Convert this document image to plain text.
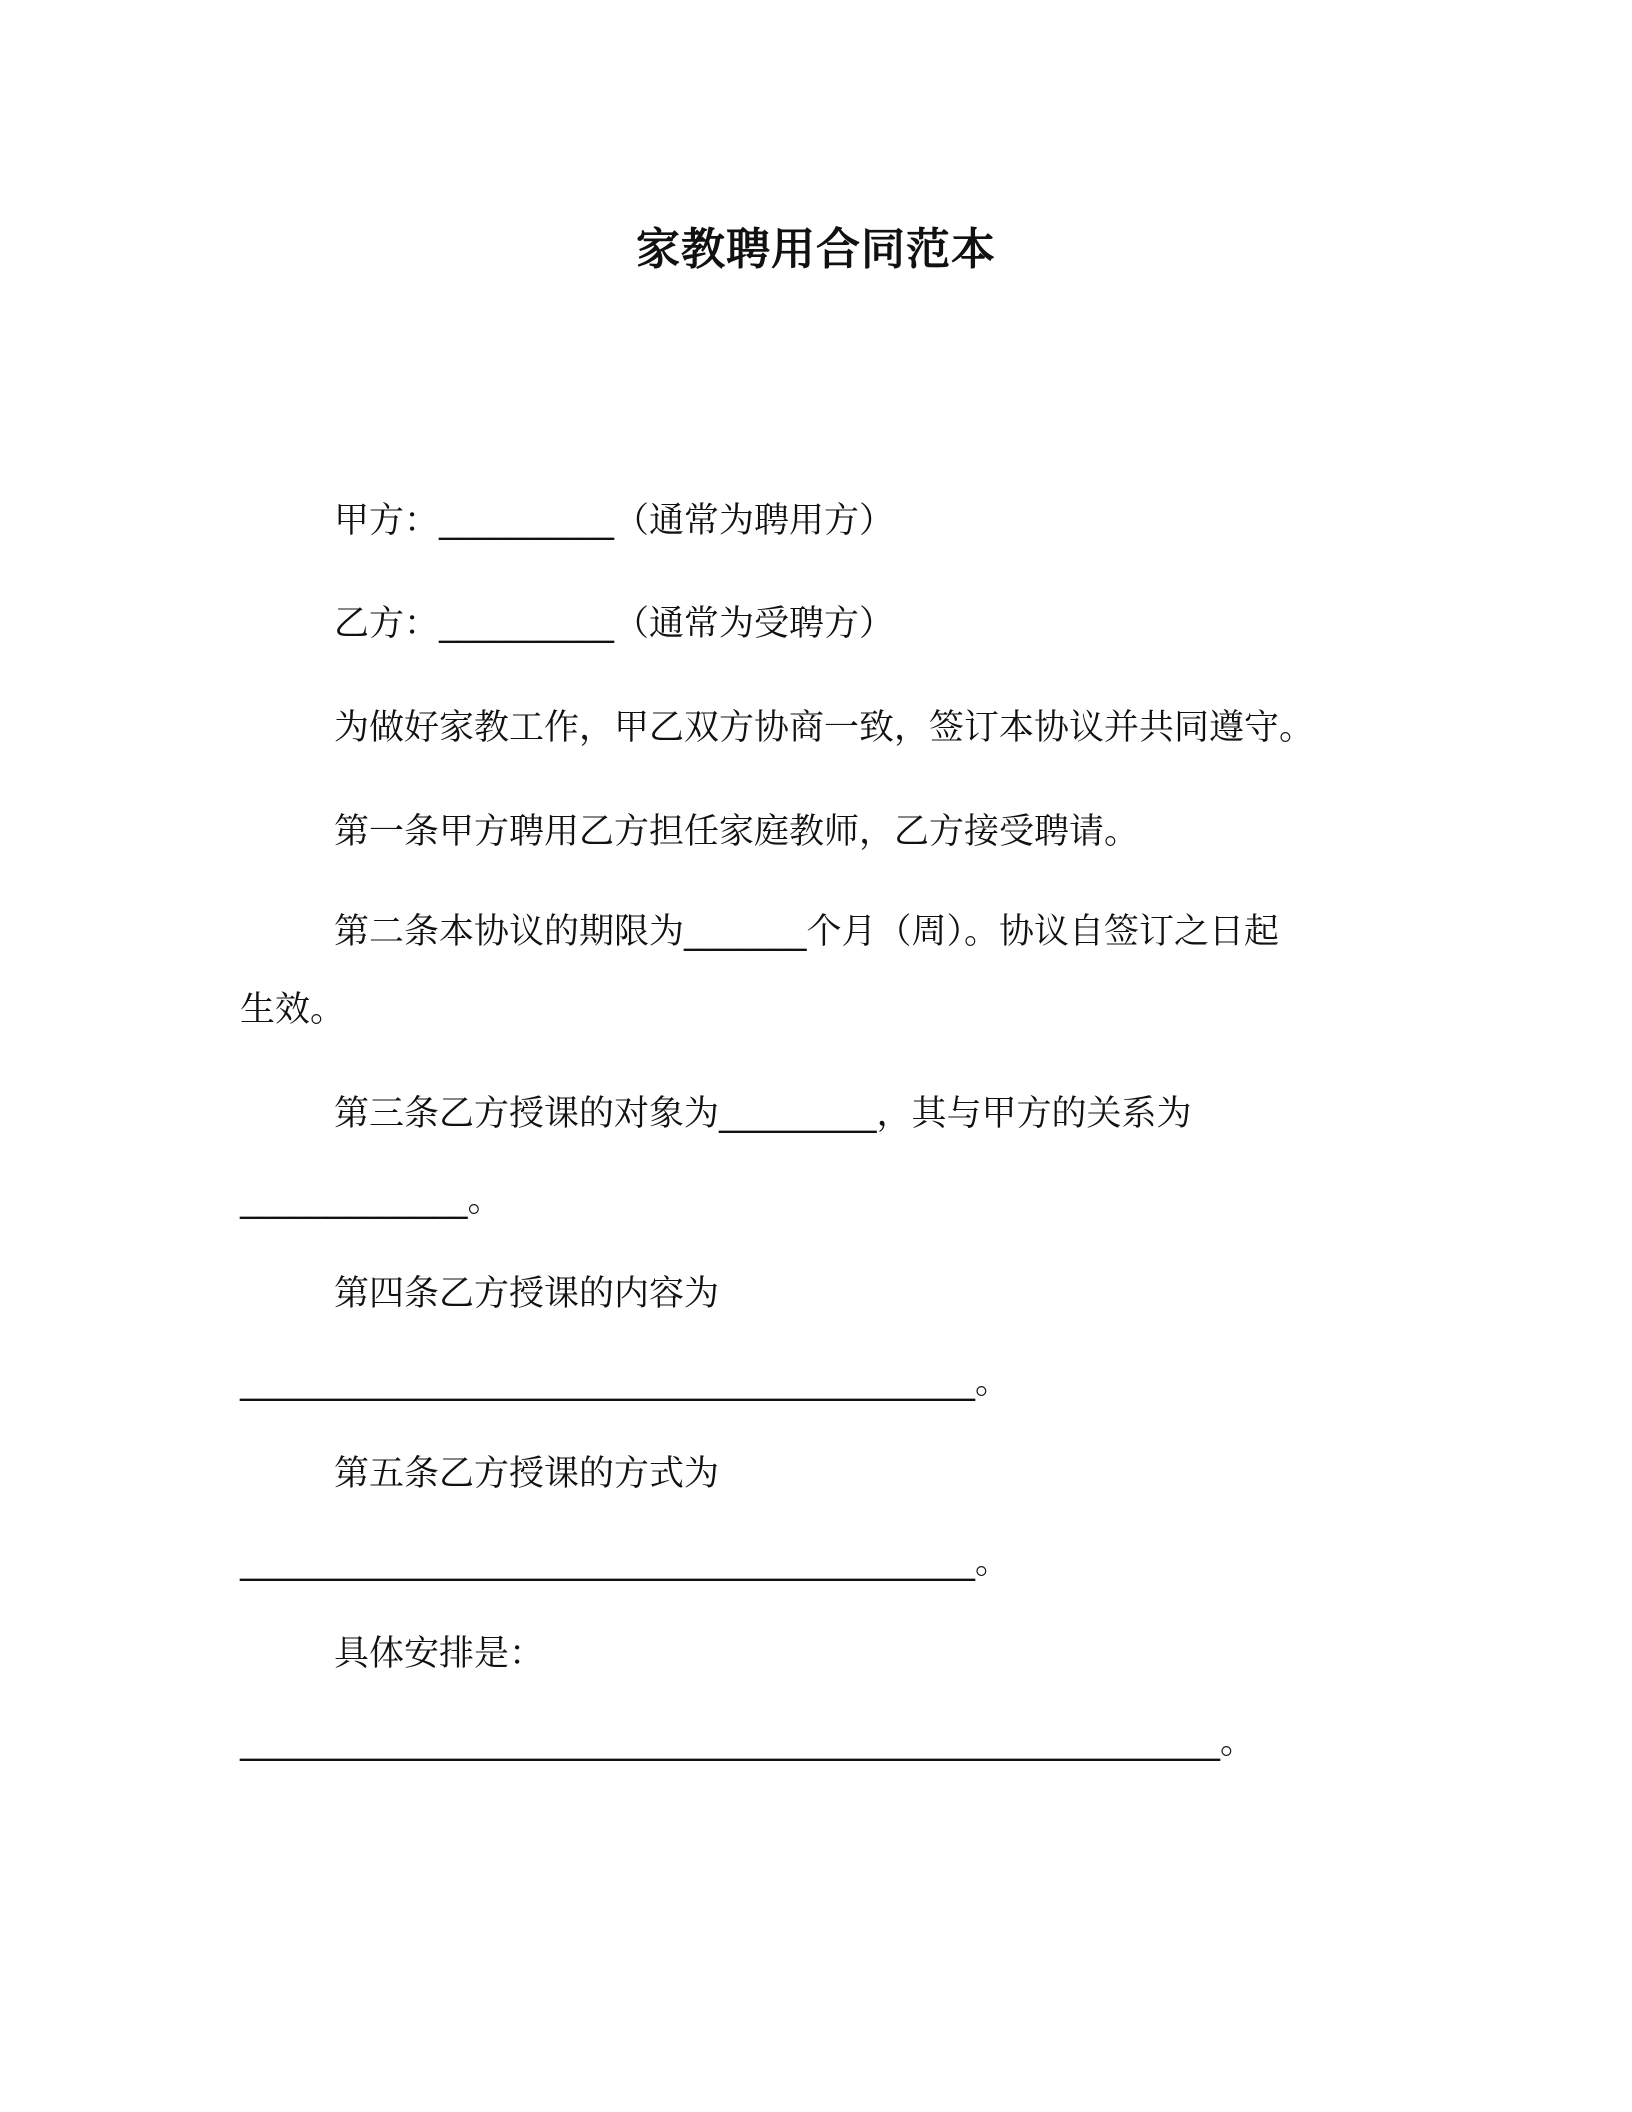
家教聘用合同范本
甲方：__________（通常为聘用方）
乙方：__________（通常为受聘方）
为做好家教工作，甲乙双方协商一致，签订本协议并共同遵守。
第一条甲方聘用乙方担任家庭教师，乙方接受聘请。
第二条本协议的期限为_______个月（周）。协议自签订之日起
生效。
第三条乙方授课的对象为_________，其与甲方的关系为
_____________。
第四条乙方授课的内容为
__________________________________________。
第五条乙方授课的方式为
__________________________________________。
具体安排是：
________________________________________________________。
